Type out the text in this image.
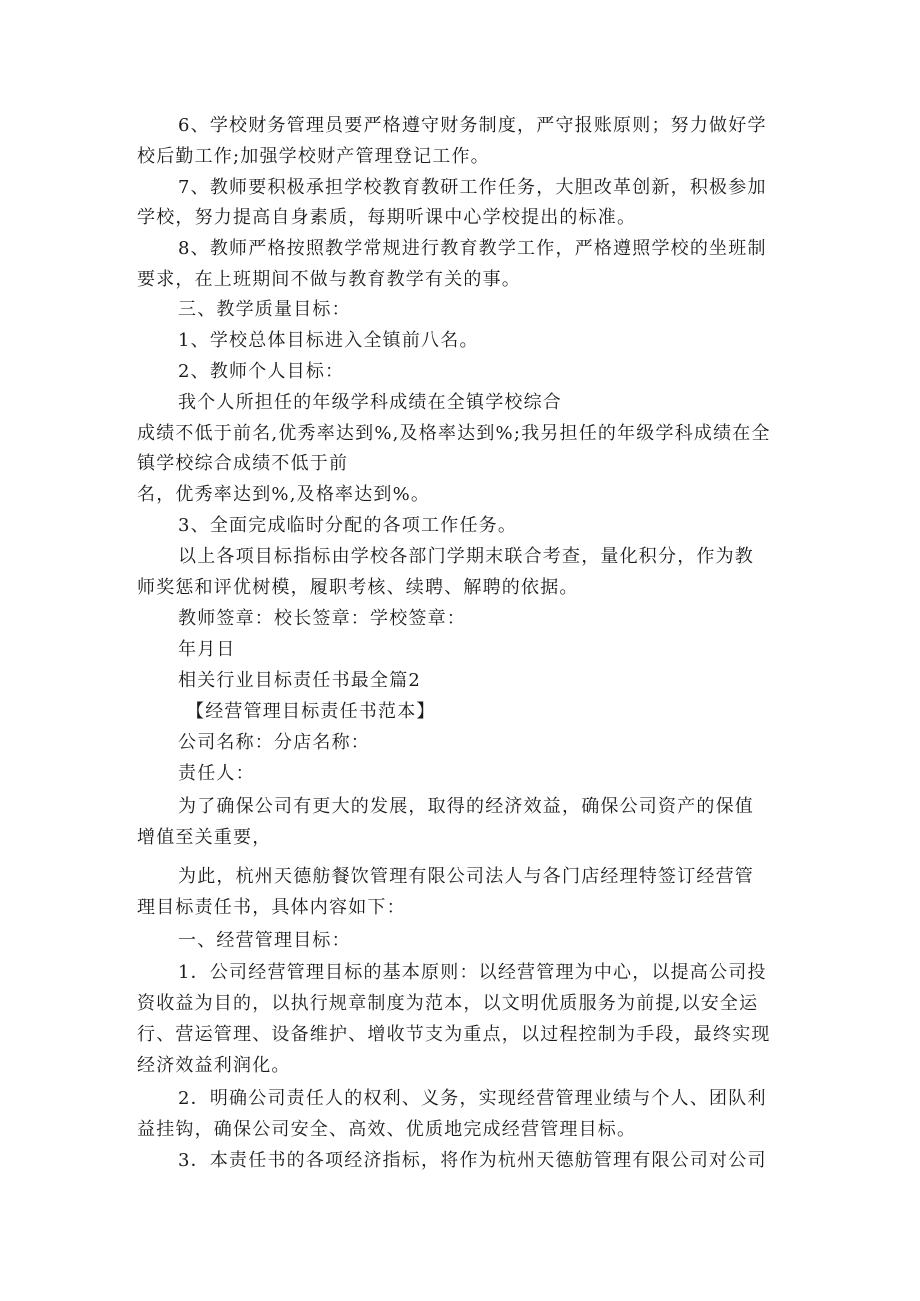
6、学校财务管理员要严格遵守财务制度，严守报账原则；努力做好学
校后勤工作;加强学校财产管理登记工作。
7、教师要积极承担学校教育教研工作任务，大胆改革创新，积极参加
学校，努力提高自身素质，每期听课中心学校提出的标准。
8、教师严格按照教学常规进行教育教学工作，严格遵照学校的坐班制
要求，在上班期间不做与教育教学有关的事。
三、教学质量目标：
1、学校总体目标进入全镇前八名。
2、教师个人目标：
我个人所担任的年级学科成绩在全镇学校综合
成绩不低于前名,优秀率达到%,及格率达到%;我另担任的年级学科成绩在全
镇学校综合成绩不低于前
名，优秀率达到%,及格率达到%。
3、全面完成临时分配的各项工作任务。
以上各项目标指标由学校各部门学期末联合考查，量化积分，作为教
师奖惩和评优树模，履职考核、续聘、解聘的依据。
教师签章：校长签章：学校签章：
年月日
相关行业目标责任书最全篇2
【经营管理目标责任书范本】
公司名称：分店名称：
责任人：
为了确保公司有更大的发展，取得的经济效益，确保公司资产的保值
增值至关重要，
为此，杭州天德舫餐饮管理有限公司法人与各门店经理特签订经营管
理目标责任书，具体内容如下：
一、经营管理目标：
1．公司经营管理目标的基本原则：以经营管理为中心，以提高公司投
资收益为目的，以执行规章制度为范本，以文明优质服务为前提,以安全运
行、营运管理、设备维护、增收节支为重点，以过程控制为手段，最终实现
经济效益利润化。
2．明确公司责任人的权利、义务，实现经营管理业绩与个人、团队利
益挂钩，确保公司安全、高效、优质地完成经营管理目标。
3．本责任书的各项经济指标，将作为杭州天德舫管理有限公司对公司
